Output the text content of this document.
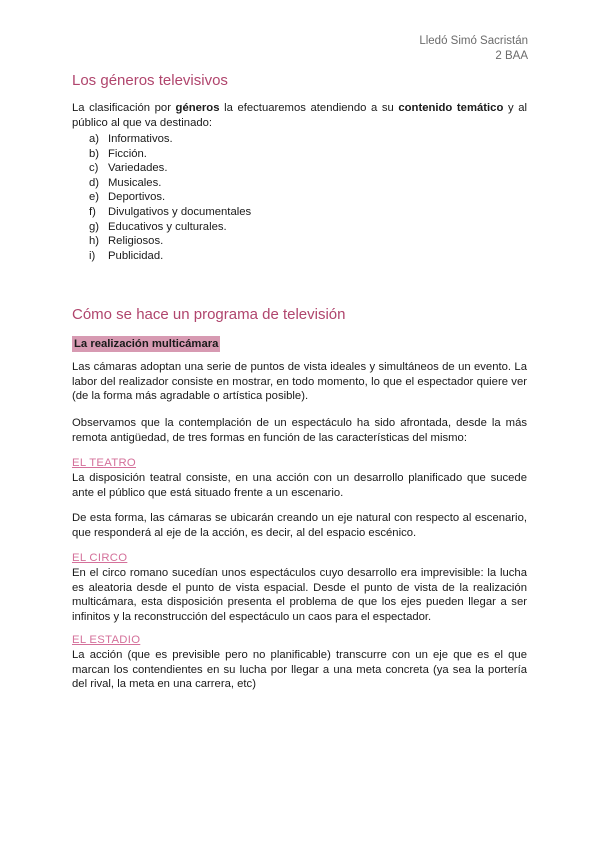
Lledó Simó Sacristán
2 BAA
Los géneros televisivos

La clasificación por géneros la efectuaremos atendiendo a su contenido temático y al público al que va destinado:

a) Informativos.
b) Ficción.
c) Variedades.
d) Musicales.
e) Deportivos.
f)	Divulgativos y documentales
g) Educativos y culturales.
h) Religiosos.
i)	Publicidad.
Cómo se hace un programa de televisión
La realización multicámara

Las cámaras adoptan una serie de puntos de vista ideales y simultáneos de un evento. La labor del realizador consiste en mostrar, en todo momento, lo que el espectador quiere ver (de la forma más agradable o artística posible).

Observamos que la contemplación de un espectáculo ha sido afrontada, desde la más remota antigüedad, de tres formas en función de las características del mismo:

EL TEATRO

La disposición teatral consiste, en una acción con un desarrollo planificado que sucede ante el público que está situado frente a un escenario.

De esta forma, las cámaras se ubicarán creando un eje natural con respecto al escenario, que responderá al eje de la acción, es decir, al del espacio escénico.

EL CIRCO

En el circo romano sucedían unos espectáculos cuyo desarrollo era imprevisible: la lucha es aleatoria desde el punto de vista espacial. Desde el punto de vista de la realización multicámara, esta disposición presenta el problema de que los ejes pueden llegar a ser infinitos y la reconstrucción del espectáculo un caos para el espectador.

EL ESTADIO

La acción (que es previsible pero no planificable) transcurre con un eje que es el que marcan los contendientes en su lucha por llegar a una meta concreta (ya sea la portería del rival, la meta en una carrera, etc)
